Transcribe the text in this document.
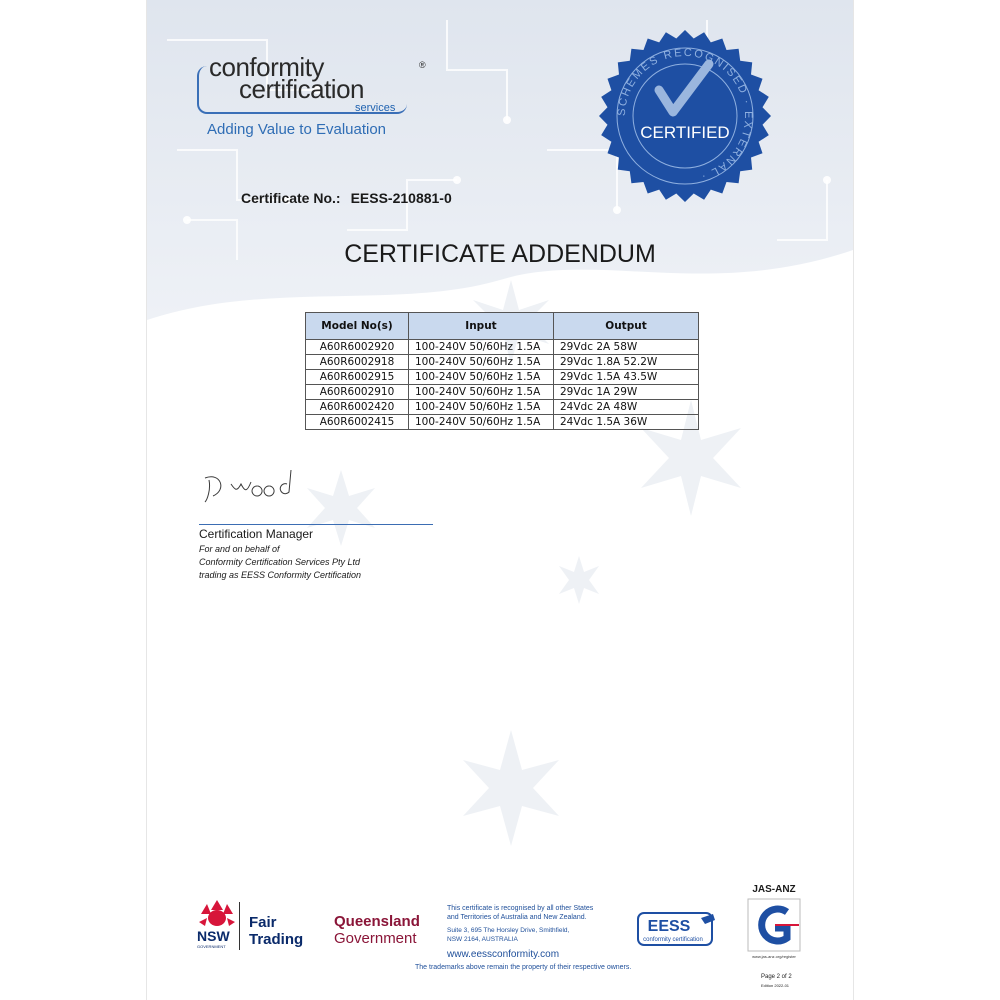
conformity
certification
services
®
Adding Value to Evaluation
SCHEMES RECOGNISED · EXTERNAL ·
CERTIFIED
Certificate No.: EESS-210881-0
CERTIFICATE ADDENDUM
Model No(s)	Input	Output
A60R6002920	100-240V 50/60Hz 1.5A	29Vdc 2A 58W
A60R6002918	100-240V 50/60Hz 1.5A	29Vdc 1.8A 52.2W
A60R6002915	100-240V 50/60Hz 1.5A	29Vdc 1.5A 43.5W
A60R6002910	100-240V 50/60Hz 1.5A	29Vdc 1A 29W
A60R6002420	100-240V 50/60Hz 1.5A	24Vdc 2A 48W
A60R6002415	100-240V 50/60Hz 1.5A	24Vdc 1.5A 36W
Certification Manager
For and on behalf of
Conformity Certification Services Pty Ltd
trading as EESS Conformity Certification
NSW
GOVERNMENT
Fair
Trading
Queensland
Government
This certificate is recognised by all other States
and Territories of Australia and New Zealand.
Suite 3, 695 The Horsley Drive, Smithfield,
NSW 2164, AUSTRALIA
www.eessconformity.com
The trademarks above remain the property of their respective owners.
EESS
conformity certification
JAS-ANZ
www.jas-anz.org/register
Page 2 of 2
Edition 2022-01
